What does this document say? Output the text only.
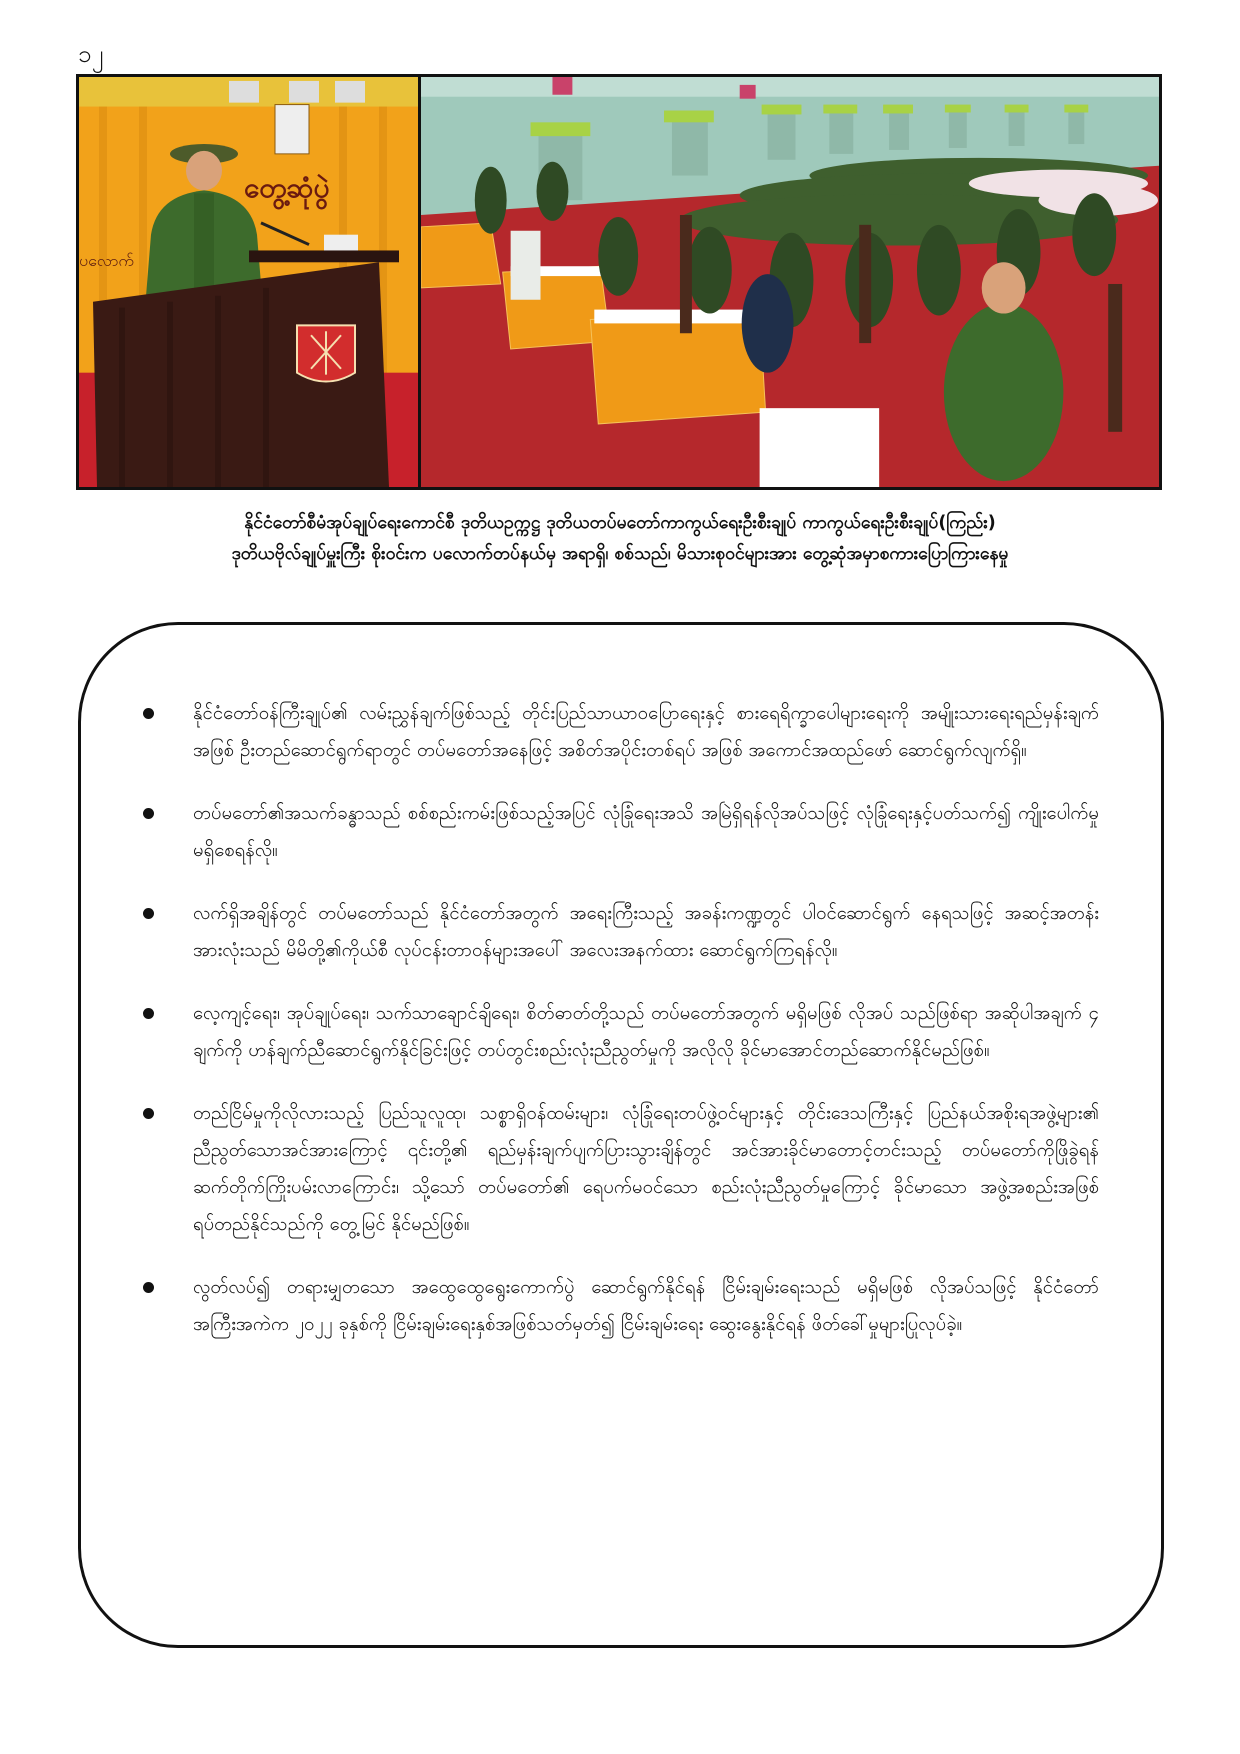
၁၂
တွေ့ဆုံပွဲ
ပလောက်
နိုင်ငံတော်စီမံအုပ်ချုပ်ရေးကောင်စီ ဒုတိယဥက္ကဋ္ဌ ဒုတိယတပ်မတော်ကာကွယ်ရေးဦးစီးချုပ် ကာကွယ်ရေးဦးစီးချုပ်(ကြည်း)
ဒုတိယဗိုလ်ချုပ်မှူးကြီး စိုးဝင်းက ပလောက်တပ်နယ်မှ အရာရှိ၊ စစ်သည်၊ မိသားစုဝင်များအား တွေ့ဆုံအမှာစကားပြောကြားနေမှု
နိုင်ငံတော်ဝန်ကြီးချုပ်၏ လမ်းညွှန်ချက်ဖြစ်သည့် တိုင်းပြည်သာယာဝပြောရေးနှင့် စားရေရိက္ခာပေါများရေးကို အမျိုးသားရေးရည်မှန်းချက်အဖြစ် ဦးတည်ဆောင်ရွက်ရာတွင် တပ်မတော်အနေဖြင့် အစိတ်အပိုင်းတစ်ရပ် အဖြစ် အကောင်အထည်ဖော် ဆောင်ရွက်လျက်ရှိ။
တပ်မတော်၏အသက်ခန္ဓာသည် စစ်စည်းကမ်းဖြစ်သည့်အပြင် လုံခြုံရေးအသိ အမြဲရှိရန်လိုအပ်သဖြင့် လုံခြုံရေးနှင့်ပတ်သက်၍ ကျိုးပေါက်မှုမရှိစေရန်လို။
လက်ရှိအချိန်တွင် တပ်မတော်သည် နိုင်ငံတော်အတွက် အရေးကြီးသည့် အခန်းကဏ္ဍတွင် ပါဝင်ဆောင်ရွက် နေရသဖြင့် အဆင့်အတန်းအားလုံးသည် မိမိတို့၏ကိုယ်စီ လုပ်ငန်းတာဝန်များအပေါ် အလေးအနက်ထား ဆောင်ရွက်ကြရန်လို။
လေ့ကျင့်ရေး၊ အုပ်ချုပ်ရေး၊ သက်သာချောင်ချိရေး၊ စိတ်ဓာတ်တို့သည် တပ်မတော်အတွက် မရှိမဖြစ် လိုအပ် သည်ဖြစ်ရာ အဆိုပါအချက် ၄ ချက်ကို ဟန်ချက်ညီဆောင်ရွက်နိုင်ခြင်းဖြင့် တပ်တွင်းစည်းလုံးညီညွတ်မှုကို အလိုလို ခိုင်မာအောင်တည်ဆောက်နိုင်မည်ဖြစ်။
တည်ငြိမ်မှုကိုလိုလားသည့် ပြည်သူလူထု၊ သစ္စာရှိဝန်ထမ်းများ၊ လုံခြုံရေးတပ်ဖွဲ့ဝင်များနှင့် တိုင်းဒေသကြီးနှင့် ပြည်နယ်အစိုးရအဖွဲ့များ၏ ညီညွတ်သောအင်အားကြောင့် ၎င်းတို့၏ ရည်မှန်းချက်ပျက်ပြားသွားချိန်တွင် အင်အားခိုင်မာတောင့်တင်းသည့် တပ်မတော်ကိုဖြိုခွဲရန် ဆက်တိုက်ကြိုးပမ်းလာကြောင်း၊ သို့သော် တပ်မတော်၏ ရေပက်မဝင်သော စည်းလုံးညီညွတ်မှုကြောင့် ခိုင်မာသော အဖွဲ့အစည်းအဖြစ် ရပ်တည်နိုင်သည်ကို တွေ့မြင် နိုင်မည်ဖြစ်။
လွတ်လပ်၍ တရားမျှတသော အထွေထွေရွေးကောက်ပွဲ ဆောင်ရွက်နိုင်ရန် ငြိမ်းချမ်းရေးသည် မရှိမဖြစ် လိုအပ်သဖြင့် နိုင်ငံတော်အကြီးအကဲက ၂၀၂၂ ခုနှစ်ကို ငြိမ်းချမ်းရေးနှစ်အဖြစ်သတ်မှတ်၍ ငြိမ်းချမ်းရေး ဆွေးနွေးနိုင်ရန် ဖိတ်ခေါ်မှုများပြုလုပ်ခဲ့။
